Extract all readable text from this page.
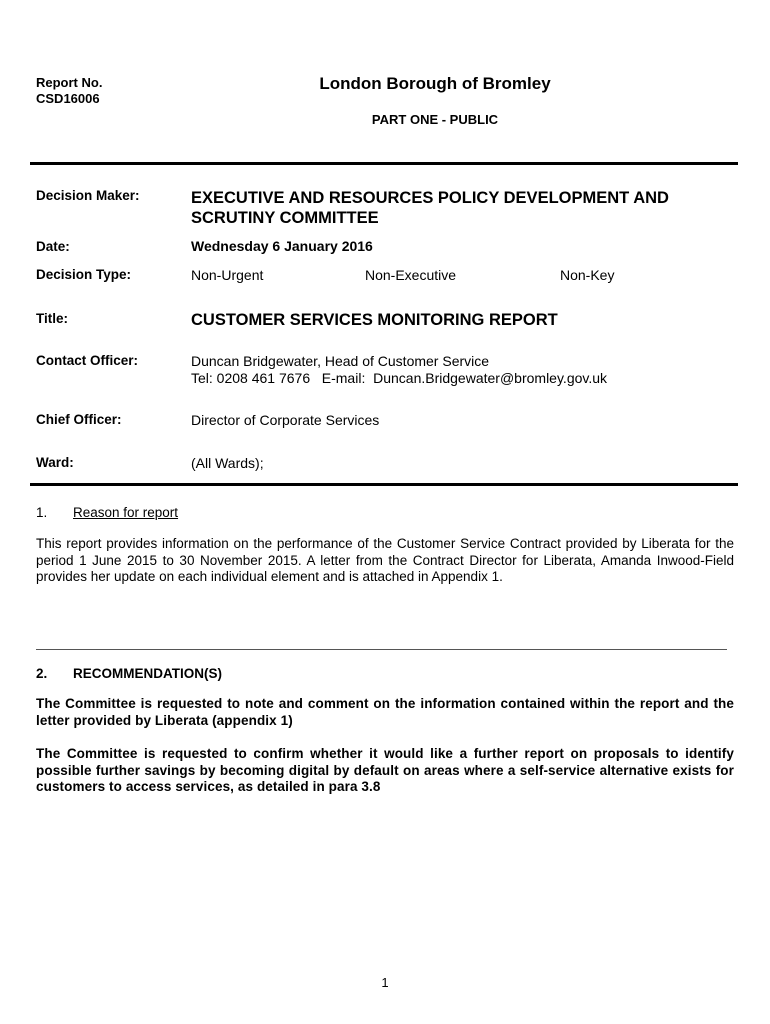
Report No.
CSD16006
London Borough of Bromley
PART ONE - PUBLIC
Decision Maker:	EXECUTIVE AND RESOURCES POLICY DEVELOPMENT AND SCRUTINY COMMITTEE
Date:	Wednesday 6 January 2016
Decision Type:	Non-Urgent	Non-Executive	Non-Key
Title:	CUSTOMER SERVICES MONITORING REPORT
Contact Officer:	Duncan Bridgewater, Head of Customer Service
Tel: 0208 461 7676   E-mail:  Duncan.Bridgewater@bromley.gov.uk
Chief Officer:	Director of Corporate Services
Ward:	(All Wards);
1. Reason for report
This report provides information on the performance of the Customer Service Contract provided by Liberata for the period 1 June 2015 to 30 November 2015. A letter from the Contract Director for Liberata, Amanda Inwood-Field provides her update on each individual element and is attached in Appendix 1.
2. RECOMMENDATION(S)
The Committee is requested to note and comment on the information contained within the report and the letter provided by Liberata (appendix 1)
The Committee is requested to confirm whether it would like a further report on proposals to identify possible further savings by becoming digital by default on areas where a self-service alternative exists for customers to access services, as detailed in para 3.8
1
